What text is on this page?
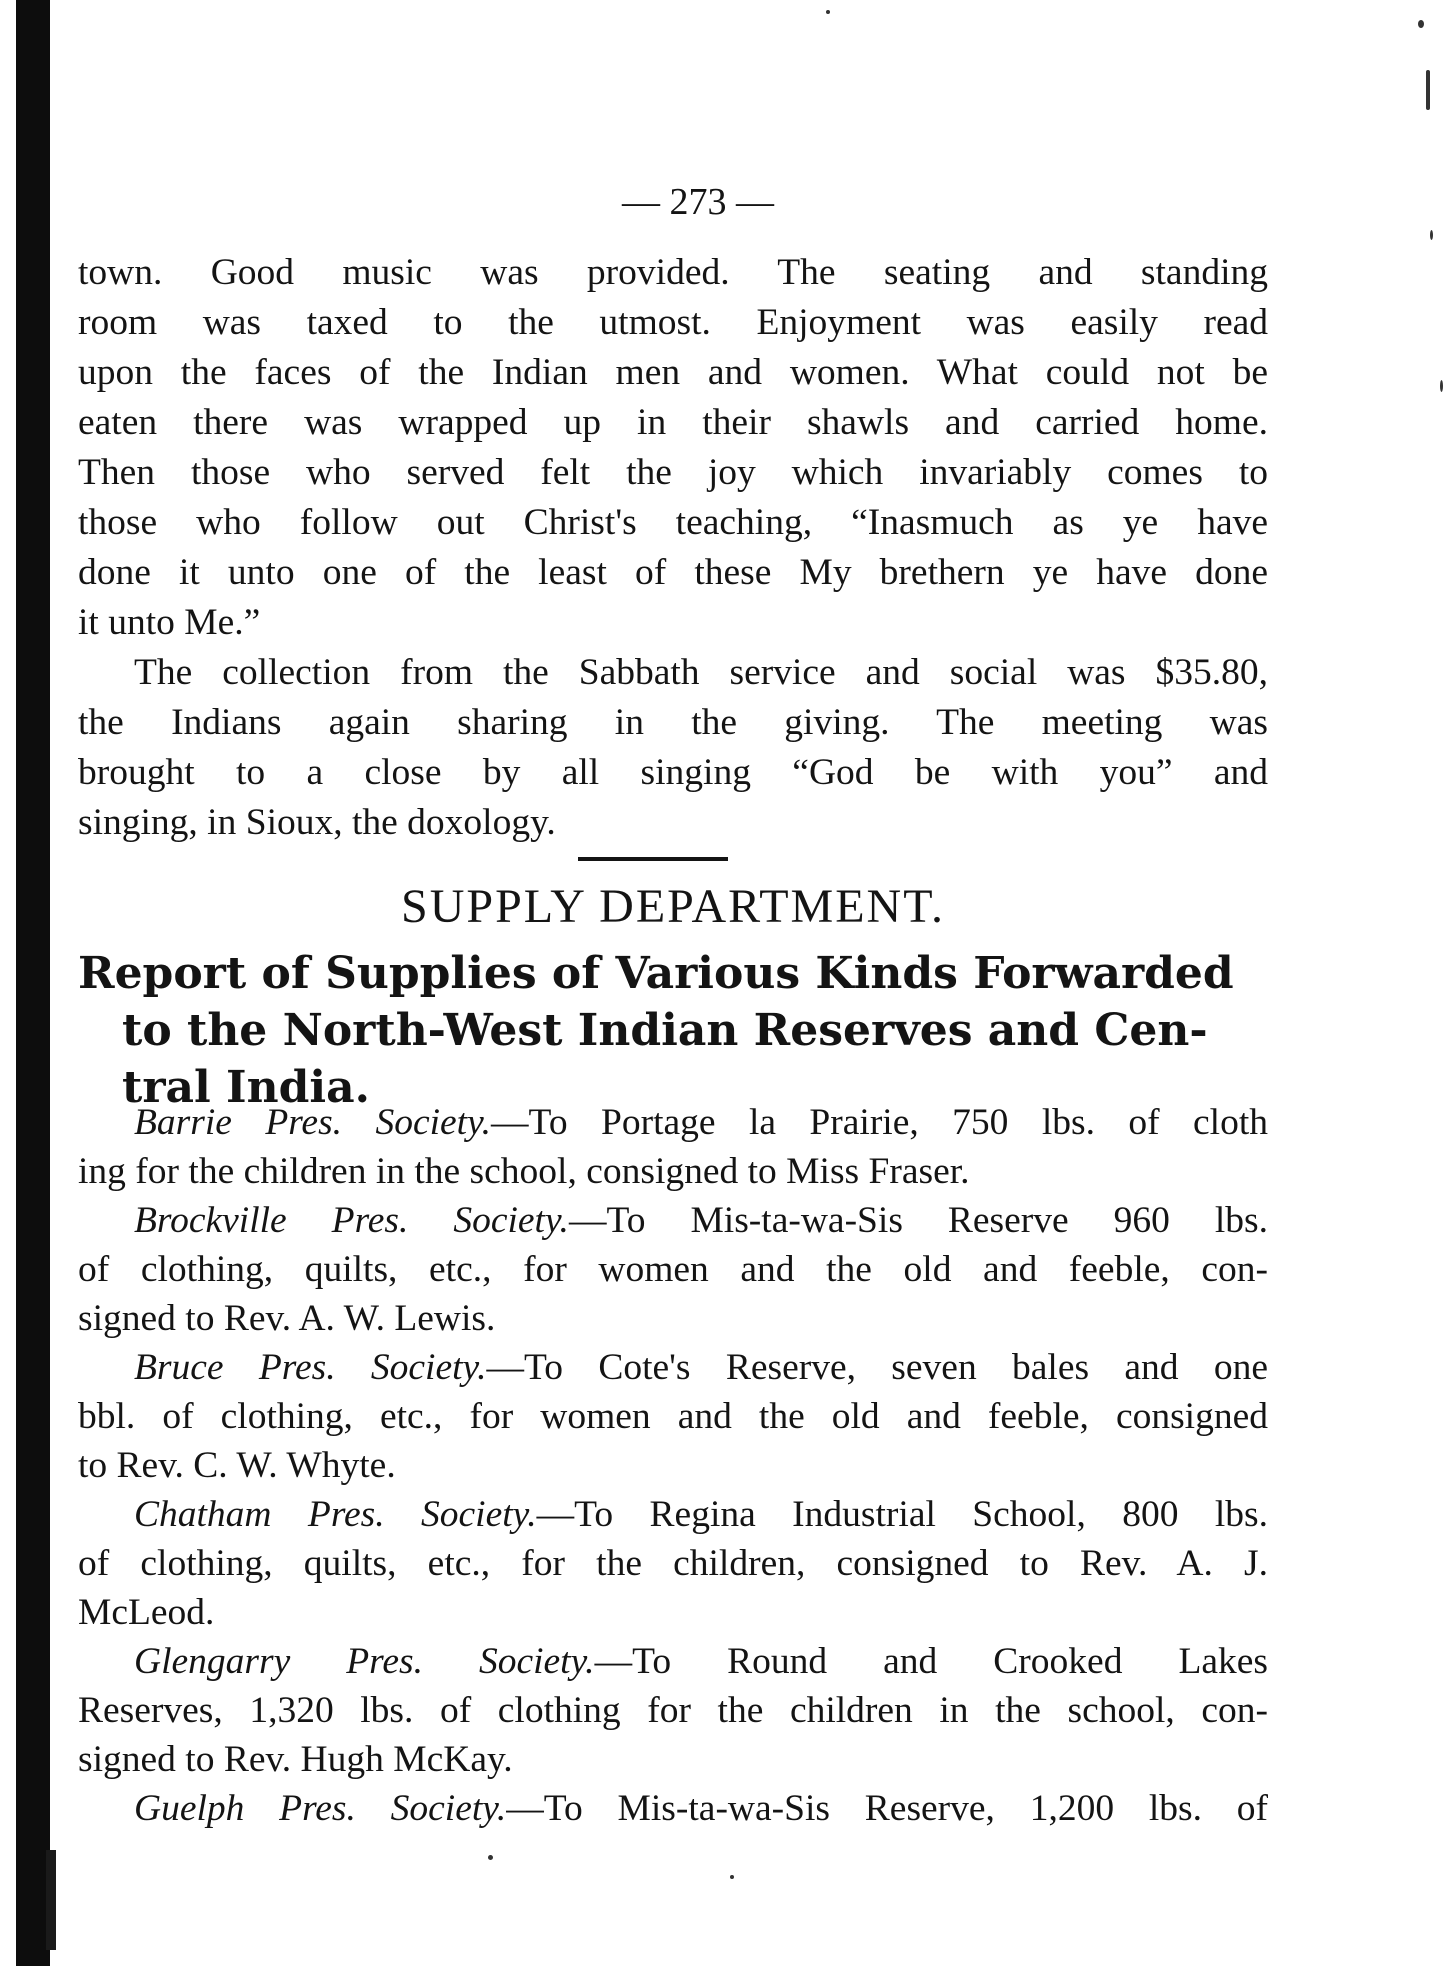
— 273 —
town. Good music was provided. The seating and standing
room was taxed to the utmost. Enjoyment was easily read
upon the faces of the Indian men and women. What could not be
eaten there was wrapped up in their shawls and carried home.
Then those who served felt the joy which invariably comes to
those who follow out Christ's teaching, “Inasmuch as ye have
done it unto one of the least of these My brethern ye have done
it unto Me.”
The collection from the Sabbath service and social was $35.80,
the Indians again sharing in the giving. The meeting was
brought to a close by all singing “God be with you” and
singing, in Sioux, the doxology.
SUPPLY DEPARTMENT.
Report of Supplies of Various Kinds Forwarded
to the North-West Indian Reserves and Cen-
tral India.
Barrie Pres. Society.—To Portage la Prairie, 750 lbs. of cloth
ing for the children in the school, consigned to Miss Fraser.
Brockville Pres. Society.—To Mis-ta-wa-Sis Reserve 960 lbs.
of clothing, quilts, etc., for women and the old and feeble, con-
signed to Rev. A. W. Lewis.
Bruce Pres. Society.—To Cote's Reserve, seven bales and one
bbl. of clothing, etc., for women and the old and feeble, consigned
to Rev. C. W. Whyte.
Chatham Pres. Society.—To Regina Industrial School, 800 lbs.
of clothing, quilts, etc., for the children, consigned to Rev. A. J.
McLeod.
Glengarry Pres. Society.—To Round and Crooked Lakes
Reserves, 1,320 lbs. of clothing for the children in the school, con-
signed to Rev. Hugh McKay.
Guelph Pres. Society.—To Mis-ta-wa-Sis Reserve, 1,200 lbs. of
